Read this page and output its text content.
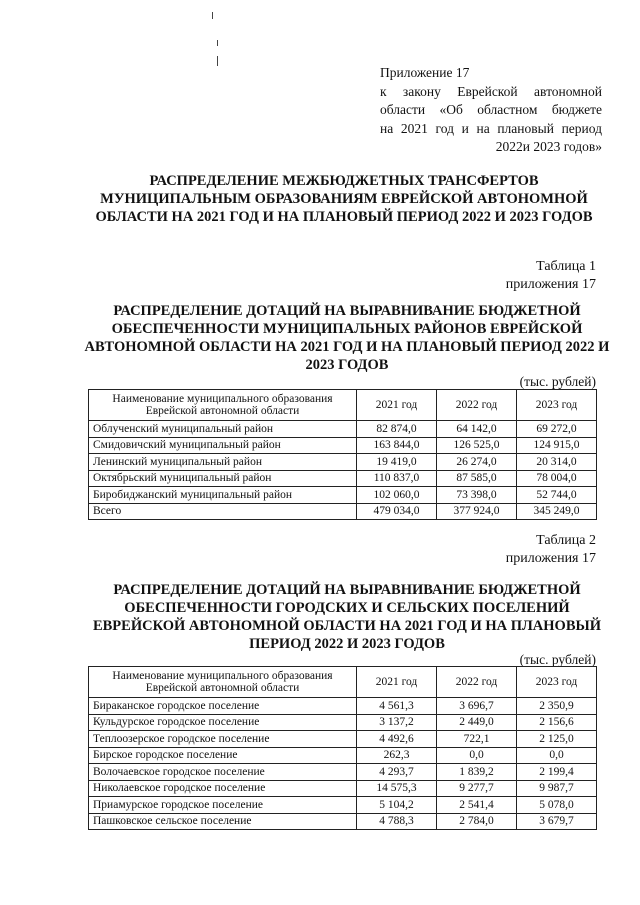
Приложение 17
к закону Еврейской автономной
области «Об областном бюджете
на 2021 год и на плановый период
2022и 2023 годов»
РАСПРЕДЕЛЕНИЕ МЕЖБЮДЖЕТНЫХ ТРАНСФЕРТОВ МУНИЦИПАЛЬНЫМ ОБРАЗОВАНИЯМ ЕВРЕЙСКОЙ АВТОНОМНОЙ ОБЛАСТИ НА 2021 ГОД И НА ПЛАНОВЫЙ ПЕРИОД 2022 И 2023 ГОДОВ
Таблица 1
приложения 17
РАСПРЕДЕЛЕНИЕ ДОТАЦИЙ НА ВЫРАВНИВАНИЕ БЮДЖЕТНОЙ ОБЕСПЕЧЕННОСТИ МУНИЦИПАЛЬНЫХ РАЙОНОВ ЕВРЕЙСКОЙ АВТОНОМНОЙ ОБЛАСТИ НА 2021 ГОД И НА ПЛАНОВЫЙ ПЕРИОД 2022 И 2023 ГОДОВ
(тыс. рублей)
Наименование муниципального образования
Еврейской автономной области	2021 год	2022 год	2023 год
Облученский муниципальный район	82 874,0	64 142,0	69 272,0
Смидовичский муниципальный район	163 844,0	126 525,0	124 915,0
Ленинский муниципальный район	19 419,0	26 274,0	20 314,0
Октябрьский муниципальный район	110 837,0	87 585,0	78 004,0
Биробиджанский муниципальный район	102 060,0	73 398,0	52 744,0
Всего	479 034,0	377 924,0	345 249,0
Таблица 2
приложения 17
РАСПРЕДЕЛЕНИЕ ДОТАЦИЙ НА ВЫРАВНИВАНИЕ БЮДЖЕТНОЙ ОБЕСПЕЧЕННОСТИ ГОРОДСКИХ И СЕЛЬСКИХ ПОСЕЛЕНИЙ ЕВРЕЙСКОЙ АВТОНОМНОЙ ОБЛАСТИ НА 2021 ГОД И НА ПЛАНОВЫЙ ПЕРИОД 2022 И 2023 ГОДОВ
(тыс. рублей)
Наименование муниципального образования
Еврейской автономной области	2021 год	2022 год	2023 год
Бираканское городское поселение	4 561,3	3 696,7	2 350,9
Кульдурское городское поселение	3 137,2	2 449,0	2 156,6
Теплоозерское городское поселение	4 492,6	722,1	2 125,0
Бирское городское поселение	262,3	0,0	0,0
Волочаевское городское поселение	4 293,7	1 839,2	2 199,4
Николаевское городское поселение	14 575,3	9 277,7	9 987,7
Приамурское городское поселение	5 104,2	2 541,4	5 078,0
Пашковское сельское поселение	4 788,3	2 784,0	3 679,7
